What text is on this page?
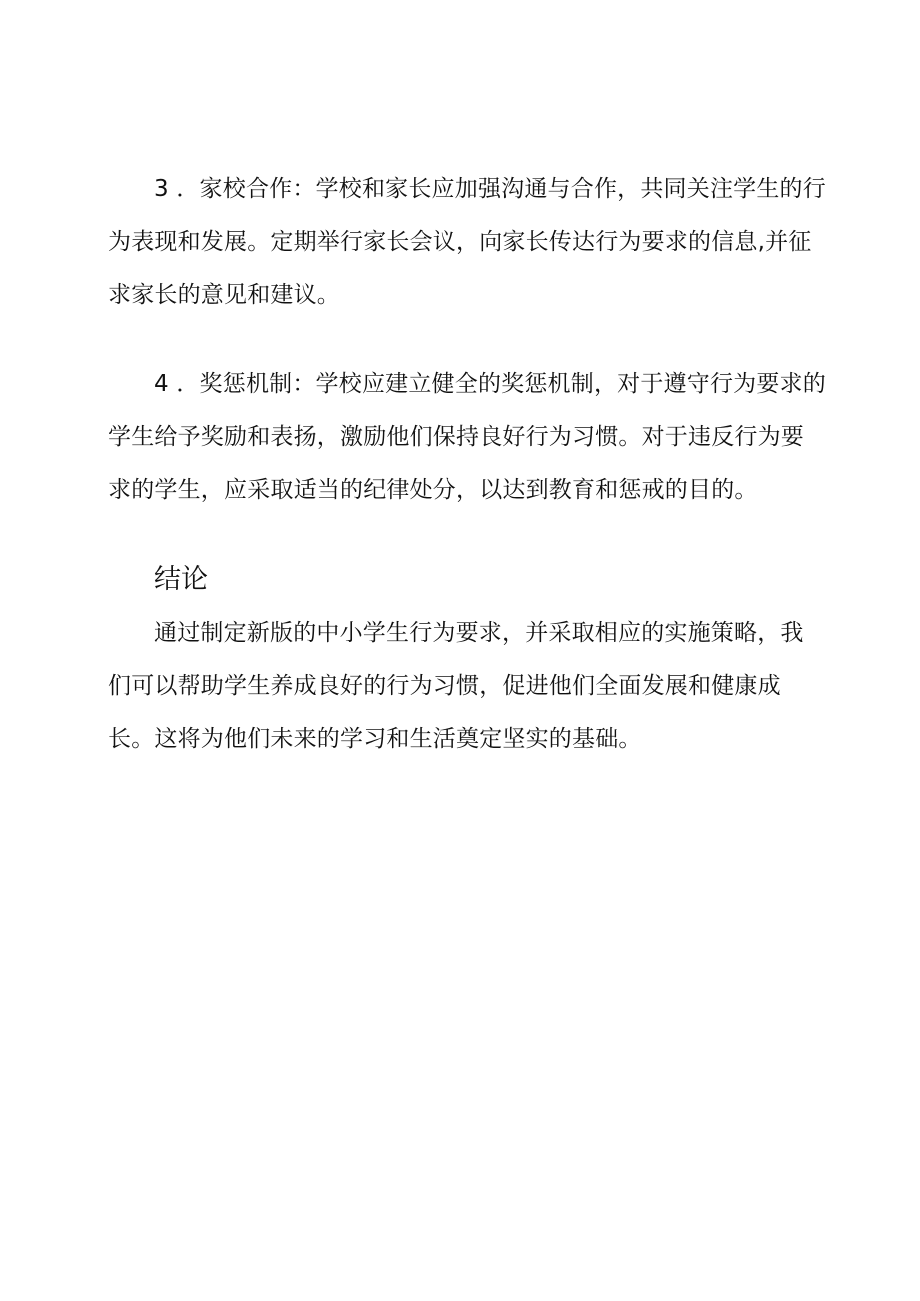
3 ．家校合作：学校和家长应加强沟通与合作，共同关注学生的行
为表现和发展。定期举行家长会议，向家长传达行为要求的信息,并征
求家长的意见和建议。
4 ．奖惩机制：学校应建立健全的奖惩机制，对于遵守行为要求的
学生给予奖励和表扬，激励他们保持良好行为习惯。对于违反行为要
求的学生，应采取适当的纪律处分，以达到教育和惩戒的目的。
结论
通过制定新版的中小学生行为要求，并采取相应的实施策略，我
们可以帮助学生养成良好的行为习惯，促进他们全面发展和健康成
长。这将为他们未来的学习和生活奠定坚实的基础。
